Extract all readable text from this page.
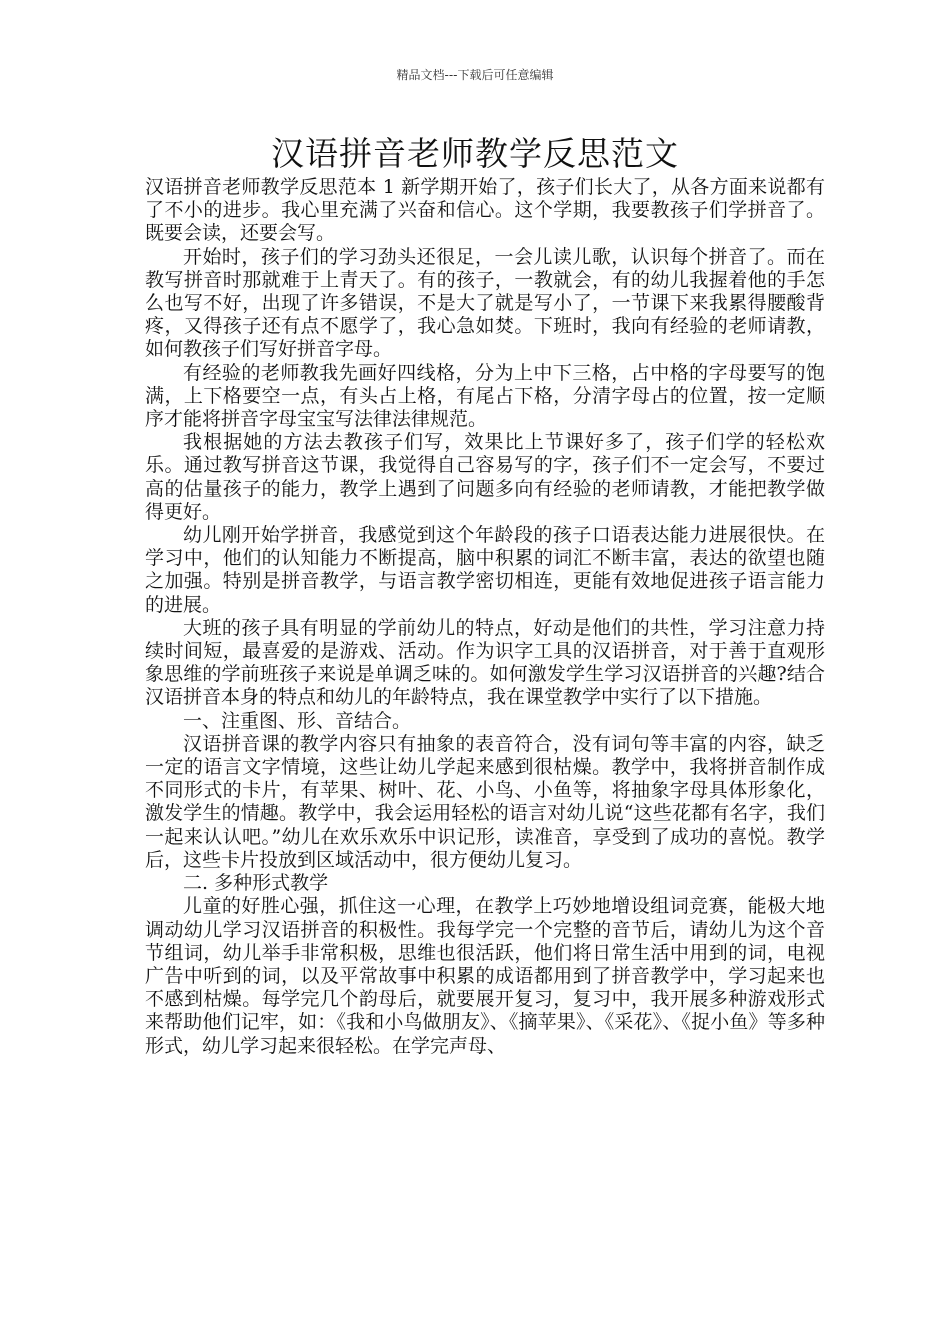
精品文档---下载后可任意编辑
汉语拼音老师教学反思范文

汉语拼音老师教学反思范本 1 新学期开始了，孩子们长大了，从各方面来说都有了不小的进步。我心里充满了兴奋和信心。这个学期，我要教孩子们学拼音了。既要会读，还要会写。

开始时，孩子们的学习劲头还很足，一会儿读儿歌，认识每个拼音了。而在教写拼音时那就难于上青天了。有的孩子，一教就会，有的幼儿我握着他的手怎么也写不好，出现了许多错误，不是大了就是写小了，一节课下来我累得腰酸背疼，又得孩子还有点不愿学了，我心急如焚。下班时，我向有经验的老师请教，如何教孩子们写好拼音字母。

有经验的老师教我先画好四线格，分为上中下三格，占中格的字母要写的饱满，上下格要空一点，有头占上格，有尾占下格，分清字母占的位置，按一定顺序才能将拼音字母宝宝写法律法律规范。

我根据她的方法去教孩子们写，效果比上节课好多了，孩子们学的轻松欢乐。通过教写拼音这节课，我觉得自己容易写的字，孩子们不一定会写，不要过高的估量孩子的能力，教学上遇到了问题多向有经验的老师请教，才能把教学做得更好。

幼儿刚开始学拼音，我感觉到这个年龄段的孩子口语表达能力进展很快。在学习中，他们的认知能力不断提高，脑中积累的词汇不断丰富，表达的欲望也随之加强。特别是拼音教学，与语言教学密切相连，更能有效地促进孩子语言能力的进展。

大班的孩子具有明显的学前幼儿的特点，好动是他们的共性，学习注意力持续时间短，最喜爱的是游戏、活动。作为识字工具的汉语拼音，对于善于直观形象思维的学前班孩子来说是单调乏味的。如何激发学生学习汉语拼音的兴趣?结合汉语拼音本身的特点和幼儿的年龄特点，我在课堂教学中实行了以下措施。

一、注重图、形、音结合。

汉语拼音课的教学内容只有抽象的表音符合，没有词句等丰富的内容，缺乏一定的语言文字情境，这些让幼儿学起来感到很枯燥。教学中，我将拼音制作成不同形式的卡片，有苹果、树叶、花、小鸟、小鱼等，将抽象字母具体形象化，激发学生的情趣。教学中，我会运用轻松的语言对幼儿说“这些花都有名字，我们一起来认认吧。”幼儿在欢乐欢乐中识记形，读准音，享受到了成功的喜悦。教学后，这些卡片投放到区域活动中，很方便幼儿复习。

二. 多种形式教学

儿童的好胜心强，抓住这一心理，在教学上巧妙地增设组词竞赛，能极大地调动幼儿学习汉语拼音的积极性。我每学完一个完整的音节后，请幼儿为这个音节组词，幼儿举手非常积极，思维也很活跃，他们将日常生活中用到的词，电视广告中听到的词，以及平常故事中积累的成语都用到了拼音教学中，学习起来也不感到枯燥。每学完几个韵母后，就要展开复习，复习中，我开展多种游戏形式来帮助他们记牢，如：《我和小鸟做朋友》、《摘苹果》、《采花》、《捉小鱼》等多种形式，幼儿学习起来很轻松。在学完声母、
